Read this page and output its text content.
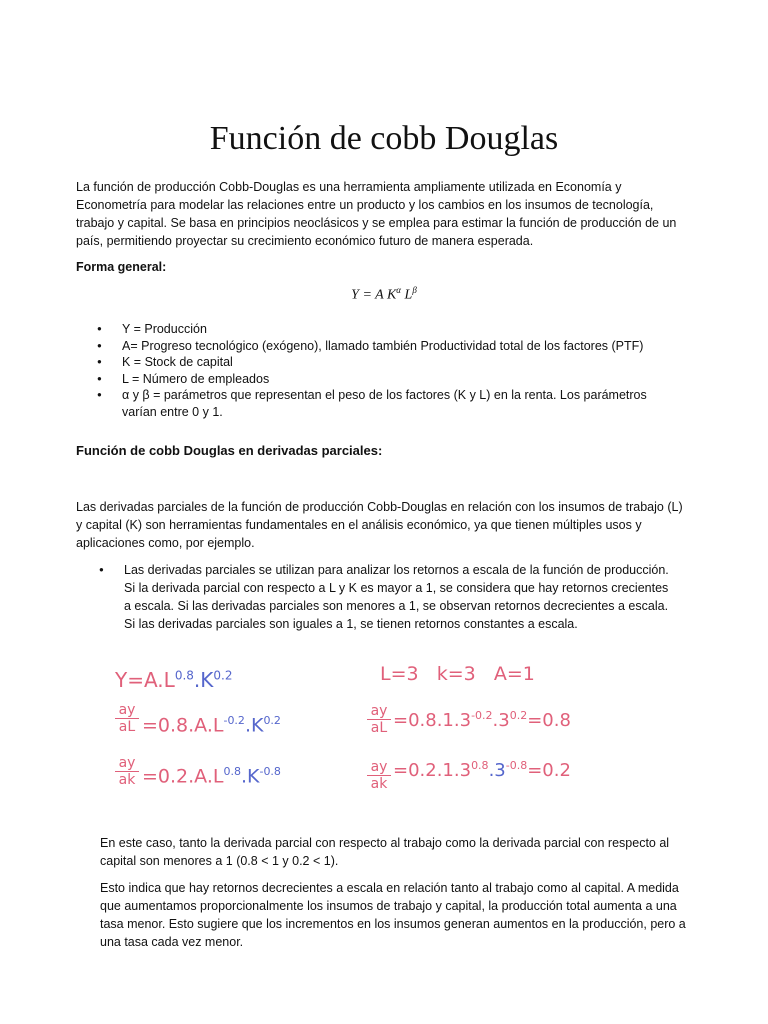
Función de cobb Douglas
La función de producción Cobb-Douglas es una herramienta ampliamente utilizada en Economía y Econometría para modelar las relaciones entre un producto y los cambios en los insumos de tecnología, trabajo y capital. Se basa en principios neoclásicos y se emplea para estimar la función de producción de un país, permitiendo proyectar su crecimiento económico futuro de manera esperada.
Forma general:
Y = A $K^\alpha$ $L^\beta$
● Y = Producción
● A= Progreso tecnológico (exógeno), llamado también Productividad total de los factores (PTF)
● K = Stock de capital
● L = Número de empleados
● α y β = parámetros que representan el peso de los factores (K y L) en la renta. Los parámetros varían entre 0 y 1.
Función de cobb Douglas en derivadas parciales:
Las derivadas parciales de la función de producción Cobb-Douglas en relación con los insumos de trabajo (L) y capital (K) son herramientas fundamentales en el análisis económico, ya que tienen múltiples usos y aplicaciones como, por ejemplo.
● Las derivadas parciales se utilizan para analizar los retornos a escala de la función de producción. Si la derivada parcial con respecto a L y K es mayor a 1, se considera que hay retornos crecientes a escala. Si las derivadas parciales son menores a 1, se observan retornos decrecientes a escala. Si las derivadas parciales son iguales a 1, se tienen retornos constantes a escala.
$Y=A.L^{0.8}.K^{0.2}$
ay
aL $=0.8.A.L^{-0.2}.K^{0.2}$
ay
ak $=0.2.A.L^{0.8}.K^{-0.8}$
L=3   k=3   A=1
ay
aL $=0.8.1.3^{-0.2}.3^{0.2}=0.8$
ay
ak
$=0.2.1.3^{0.8}.3^{-0.8}=0.2$
En este caso, tanto la derivada parcial con respecto al trabajo como la derivada parcial con respecto al capital son menores a 1 (0.8 < 1 y 0.2 < 1).
Esto indica que hay retornos decrecientes a escala en relación tanto al trabajo como al capital. A medida que aumentamos proporcionalmente los insumos de trabajo y capital, la producción total aumenta a una tasa menor. Esto sugiere que los incrementos en los insumos generan aumentos en la producción, pero a una tasa cada vez menor.
